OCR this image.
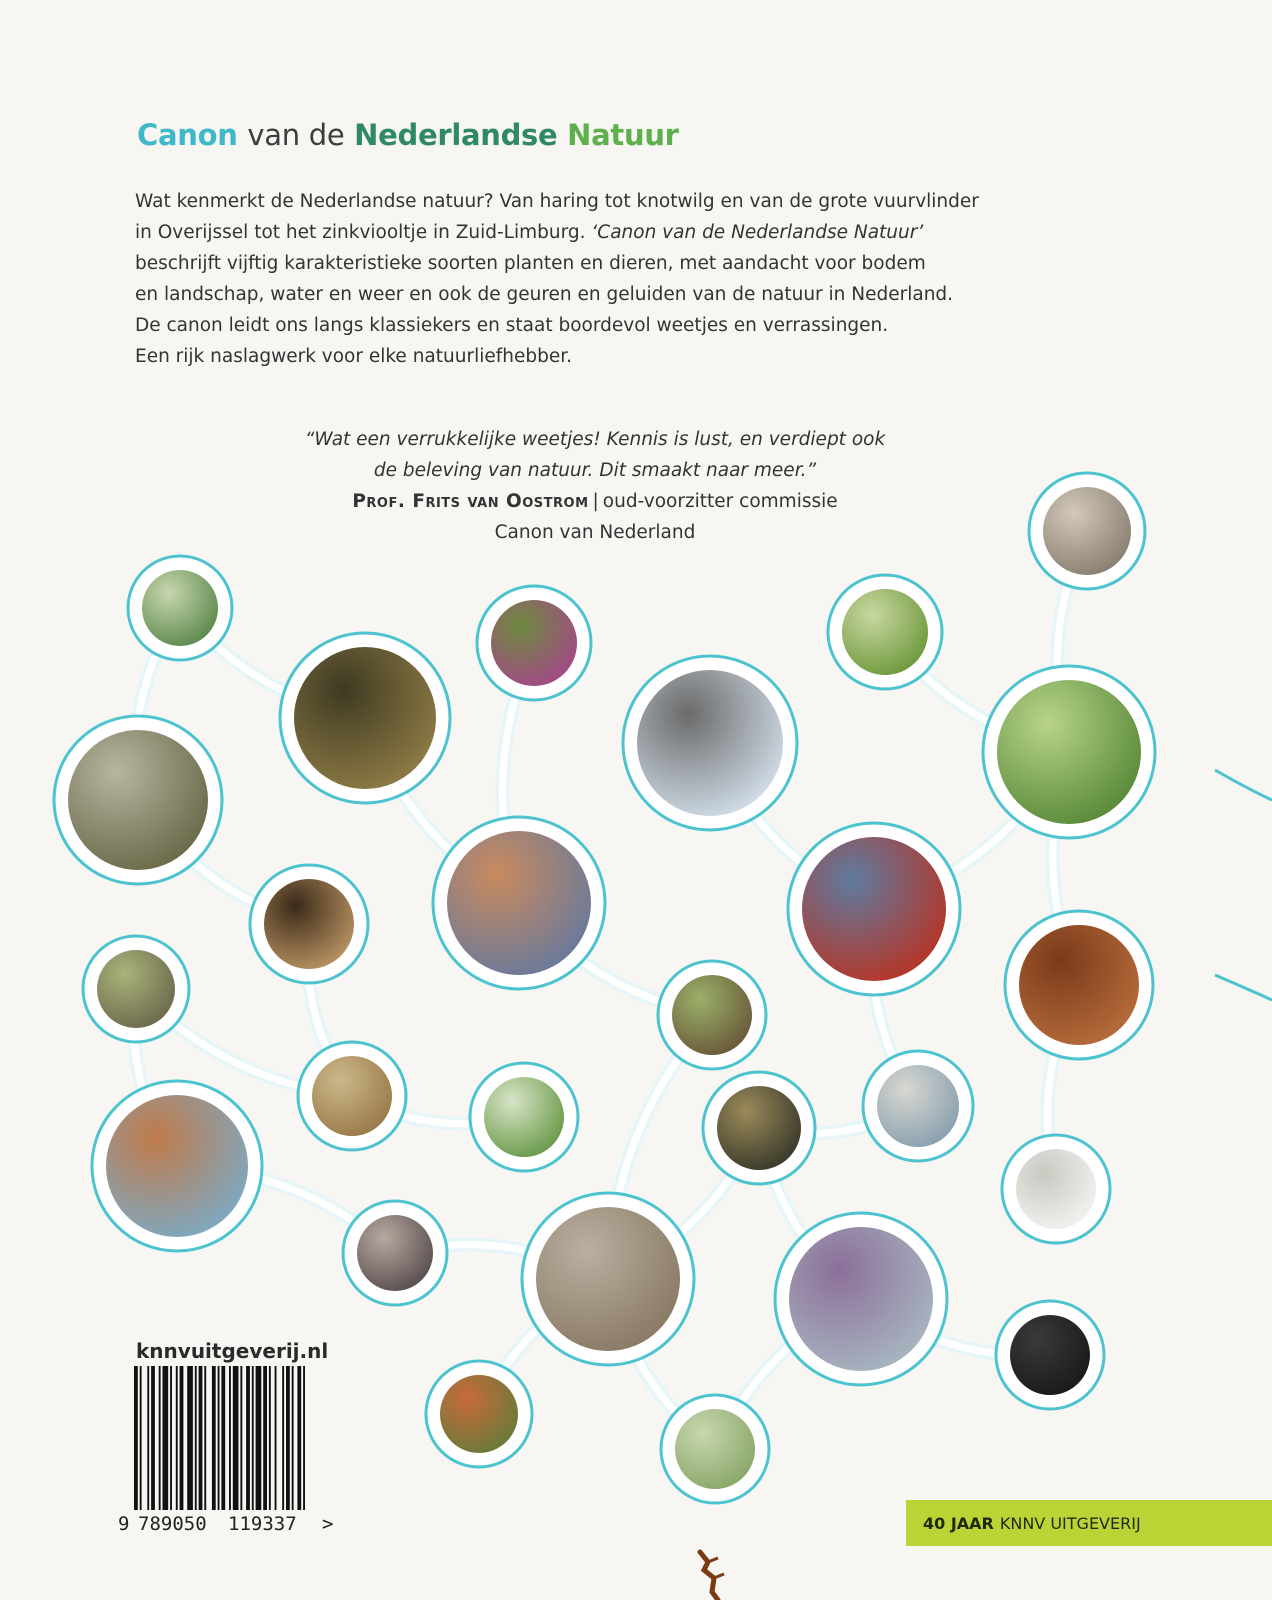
Canon van de Nederlandse Natuur

Wat kenmerkt de Nederlandse natuur? Van haring tot knotwilg en van de grote vuurvlinder

in Overijssel tot het zinkviooltje in Zuid-Limburg. ‘Canon van de Nederlandse Natuur’

beschrijft vijftig karakteristieke soorten planten en dieren, met aandacht voor bodem

en landschap, water en weer en ook de geuren en geluiden van de natuur in Nederland.

De canon leidt ons langs klassiekers en staat boordevol weetjes en verrassingen.

Een rijk naslagwerk voor elke natuurliefhebber.

“Wat een verrukkelijke weetjes! Kennis is lust, en verdiept ook
de beleving van natuur. Dit smaakt naar meer.”
Prof. Frits van Oostrom | oud-voorzitter commissie
Canon van Nederland
knnvuitgeverij.nl
9 789050 119337 >	40 JAAR KNNV UITGEVERIJ
